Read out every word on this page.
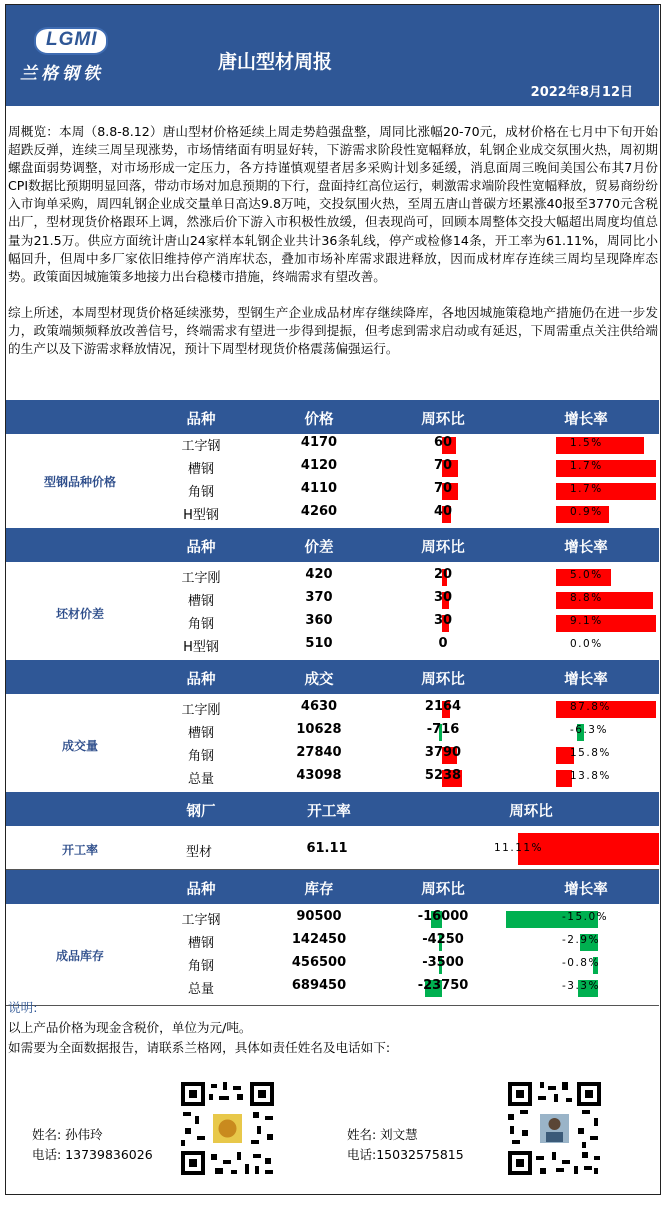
LGMI
兰格钢铁
唐山型材周报
2022年8月12日

周概览：本周（8.8-8.12）唐山型材价格延续上周走势趋强盘整，周同比涨幅20-70元，成材价格在七月中下旬开始超跌反弹，连续三周呈现涨势，市场情绪面有明显好转，下游需求阶段性宽幅释放，轧钢企业成交氛围火热，周初期螺盘面弱势调整，对市场形成一定压力，各方持谨慎观望者居多采购计划多延缓，消息面周三晚间美国公布其7月份CPI数据比预期明显回落，带动市场对加息预期的下行，盘面持红高位运行，刺激需求端阶段性宽幅释放，贸易商纷纷入市询单采购，周四轧钢企业成交量单日高达9.8万吨，交投氛围火热，至周五唐山普碳方坯累涨40报至3770元含税出厂，型材现货价格跟环上调，然涨后价下游入市积极性放缓，但表现尚可，回顾本周整体交投大幅超出周度均值总量为21.5万。供应方面统计唐山24家样本轧钢企业共计36条轧线，停产或检修14条，开工率为61.11%，周同比小幅回升，但周中多厂家依旧维持停产消库状态，叠加市场补库需求跟进释放，因而成材库存连续三周均呈现降库态势。政策面因城施策多地接力出台稳楼市措施，终端需求有望改善。

综上所述，本周型材现货价格延续涨势，型钢生产企业成品材库存继续降库，各地因城施策稳地产措施仍在进一步发力，政策端频频释放改善信号，终端需求有望进一步得到提振，但考虑到需求启动或有延迟，下周需重点关注供给端的生产以及下游需求释放情况，预计下周型材现货价格震荡偏强运行。

品种	价格	周环比	增长率
型钢品种价格
工字钢	4170	60	1.5%
槽钢	4120	70	1.7%
角钢	4110	70	1.7%
H型钢	4260	40	0.9%
品种	价差	周环比	增长率
坯材价差
工字刚	420	20	5.0%
槽钢	370	30	8.8%
角钢	360	30	9.1%
H型钢	510	0	0.0%
品种	成交	周环比	增长率
成交量
工字刚	4630	2164	87.8%
槽钢	10628	-716	-6.3%
角钢	27840	3790	15.8%
总量	43098	5238	13.8%
钢厂	开工率	周环比
开工率	型材	61.11	11.11%
品种	库存	周环比	增长率
成品库存
工字钢	90500	-16000	-15.0%
槽钢	142450	-4250	-2.9%
角钢	456500	-3500	-0.8%
总量	689450	-23750	-3.3%
说明:
以上产品价格为现金含税价，单位为元/吨。
如需要为全面数据报告，请联系兰格网，具体如责任姓名及电话如下:
姓名: 孙伟玲
电话: 13739836026
姓名: 刘文慧
电话:15032575815
